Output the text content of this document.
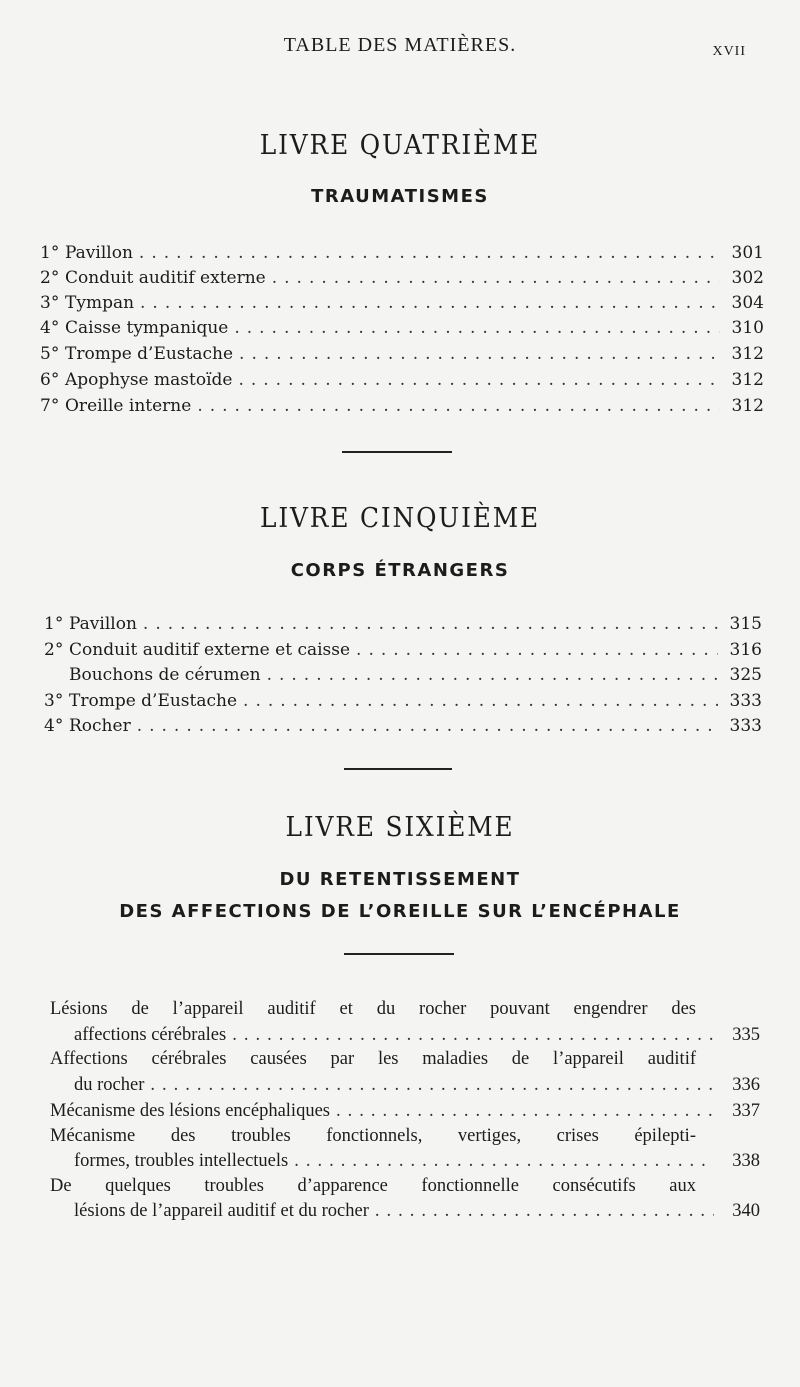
TABLE DES MATIÈRES.	XVII
LIVRE QUATRIÈME
TRAUMATISMES
1° Pavillon .....	301
2° Conduit auditif externe .....	302
3° Tympan .....	304
4° Caisse tympanique .....	310
5° Trompe d’Eustache .....	312
6° Apophyse mastoïde .....	312
7° Oreille interne .....	312
LIVRE CINQUIÈME
CORPS ÉTRANGERS
1° Pavillon .....	315
2° Conduit auditif externe et caisse .....	316
Bouchons de cérumen .....	325
3° Trompe d’Eustache .....	333
4° Rocher .....	333
LIVRE SIXIÈME
DU RETENTISSEMENT
DES AFFECTIONS DE L’OREILLE SUR L’ENCÉPHALE
Lésions de l’appareil auditif et du rocher pouvant engendrer des
affections cérébrales .....	335
Affections cérébrales causées par les maladies de l’appareil auditif
du rocher .....	336
Mécanisme des lésions encéphaliques .....	337
Mécanisme des troubles fonctionnels, vertiges, crises épilepti-
formes, troubles intellectuels .....	338
De quelques troubles d’apparence fonctionnelle consécutifs aux
lésions de l’appareil auditif et du rocher .....	340
